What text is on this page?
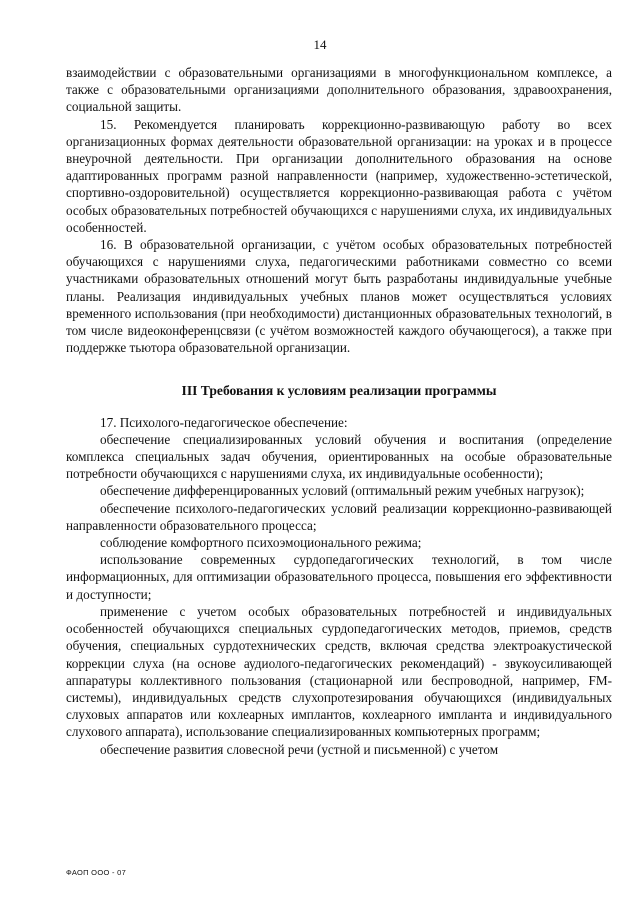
14

взаимодействии с образовательными организациями в многофункциональном комплексе, а также с образовательными организациями дополнительного образования, здравоохранения, социальной защиты.

15. Рекомендуется планировать коррекционно-развивающую работу во всех организационных формах деятельности образовательной организации: на уроках и в процессе внеурочной деятельности. При организации дополнительного образования на основе адаптированных программ разной направленности (например, художественно-эстетической, спортивно-оздоровительной) осуществляется коррекционно-развивающая работа с учётом особых образовательных потребностей обучающихся с нарушениями слуха, их индивидуальных особенностей.

16. В образовательной организации, с учётом особых образовательных потребностей обучающихся с нарушениями слуха, педагогическими работниками совместно со всеми участниками образовательных отношений могут быть разработаны индивидуальные учебные планы. Реализация индивидуальных учебных планов может осуществляться условиях временного использования (при необходимости) дистанционных образовательных технологий, в том числе видеоконференцсвязи (с учётом возможностей каждого обучающегося), а также при поддержке тьютора образовательной организации.

III Требования к условиям реализации программы

17. Психолого-педагогическое обеспечение:

обеспечение специализированных условий обучения и воспитания (определение комплекса специальных задач обучения, ориентированных на особые образовательные потребности обучающихся с нарушениями слуха, их индивидуальные особенности);

обеспечение дифференцированных условий (оптимальный режим учебных нагрузок);

обеспечение психолого-педагогических условий реализации коррекционно-развивающей направленности образовательного процесса;

соблюдение комфортного психоэмоционального режима;

использование современных сурдопедагогических технологий, в том числе информационных, для оптимизации образовательного процесса, повышения его эффективности и доступности;

применение с учетом особых образовательных потребностей и индивидуальных особенностей обучающихся специальных сурдопедагогических методов, приемов, средств обучения, специальных сурдотехнических средств, включая средства электроакустической коррекции слуха (на основе аудиолого-педагогических рекомендаций) - звукоусиливающей аппаратуры коллективного пользования (стационарной или беспроводной, например, FM-системы), индивидуальных средств слухопротезирования обучающихся (индивидуальных слуховых аппаратов или кохлеарных имплантов, кохлеарного импланта и индивидуального слухового аппарата), использование специализированных компьютерных программ;

обеспечение развития словесной речи (устной и письменной) с учетом

ФАОП ООО - 07
